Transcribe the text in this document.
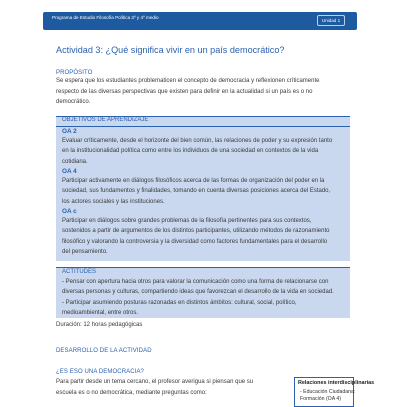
Programa de Estudio Filosofía Política 3º y 4º medio
Unidad 1
Actividad 3: ¿Qué significa vivir en un país democrático?
PROPÓSITO
Se espera que los estudiantes problematicen el concepto de democracia y reflexionen críticamente
respecto de las diversas perspectivas que existen para definir en la actualidad si un país es o no
democrático.
OBJETIVOS DE APRENDIZAJE
OA 2
Evaluar críticamente, desde el horizonte del bien común, las relaciones de poder y su expresión tanto
en la institucionalidad política como entre los individuos de una sociedad en contextos de la vida
cotidiana.
OA 4
Participar activamente en diálogos filosóficos acerca de las formas de organización del poder en la
sociedad, sus fundamentos y finalidades, tomando en cuenta diversas posiciones acerca del Estado,
los actores sociales y las instituciones.
OA c
Participar en diálogos sobre grandes problemas de la filosofía pertinentes para sus contextos,
sostenidos a partir de argumentos de los distintos participantes, utilizando métodos de razonamiento
filosófico y valorando la controversia y la diversidad como factores fundamentales para el desarrollo
del pensamiento.
ACTITUDES
- Pensar con apertura hacia otros para valorar la comunicación como una forma de relacionarse con
diversas personas y culturas, compartiendo ideas que favorezcan el desarrollo de la vida en sociedad.
- Participar asumiendo posturas razonadas en distintos ámbitos: cultural, social, político,
medioambiental, entre otros.
Duración: 12 horas pedagógicas
DESARROLLO DE LA ACTIVIDAD
¿ES ESO UNA DEMOCRACIA?
Para partir desde un tema cercano, el profesor averigua si piensan que su
escuela es o no democrática, mediante preguntas como:
Relaciones interdisciplinarias
- Educación Ciudadana:
Formación (OA 4)
